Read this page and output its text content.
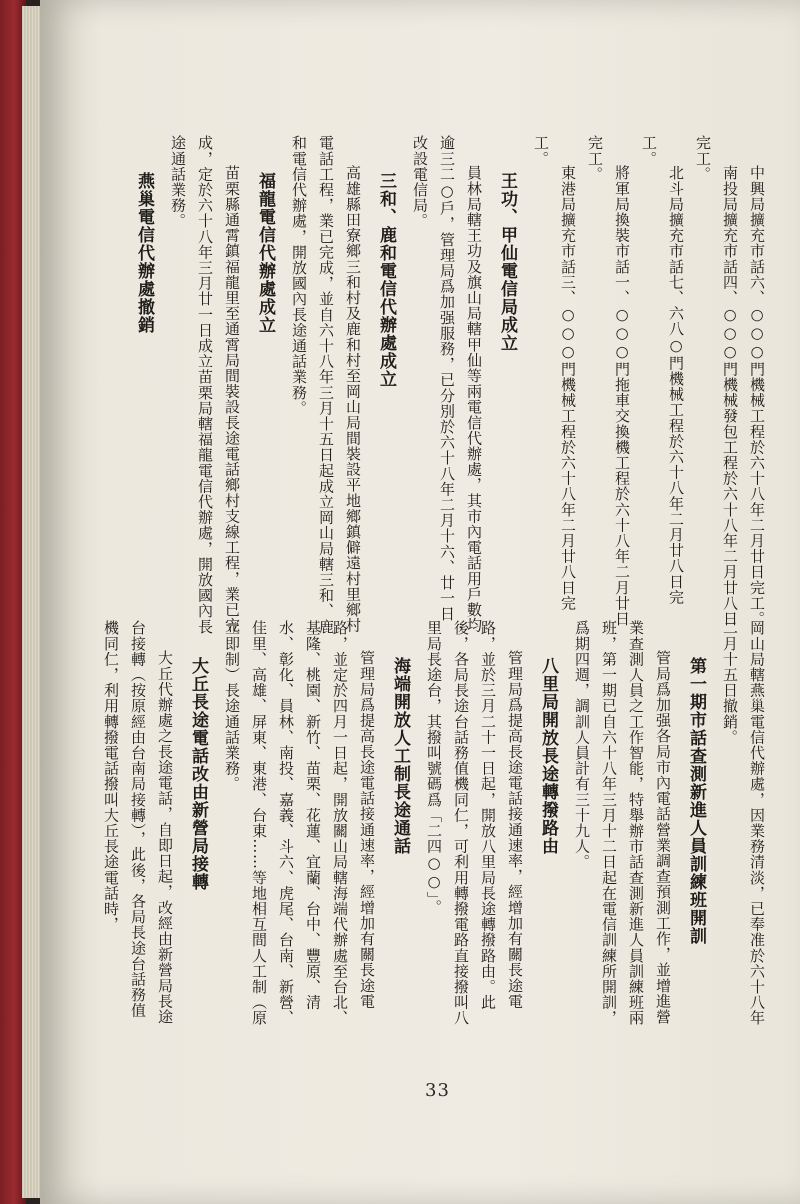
中興局擴充市話六、○○○門機械工程於六十八年二月廿日完工。
南投局擴充市話四、○○○門機械發包工程於六十八年二月廿八日完工。
北斗局擴充市話七、六八○門機械工程於六十八年二月廿八日完工。
將軍局換裝市話一、○○○門拖車交換機工程於六十八年二月廿日完工。
東港局擴充市話三、○○○門機械工程於六十八年二月廿八日完工。
王功、甲仙電信局成立
員林局轄王功及旗山局轄甲仙等兩電信代辦處，其市內電話用戶數均逾三二○戶，管理局爲加强服務，已分別於六十八年二月十六、廿一日改設電信局。
三和、鹿和電信代辦處成立
高雄縣田寮鄉三和村及鹿和村至岡山局間裝設平地鄉鎮僻遠村里鄉村電話工程，業已完成，並自六十八年三月十五日起成立岡山局轄三和、鹿和電信代辦處，開放國內長途通話業務。
福龍電信代辦處成立
苗栗縣通霄鎮福龍里至通霄局間裝設長途電話鄉村支線工程，業已完成，定於六十八年三月廿一日成立苗栗局轄福龍電信代辦處，開放國內長途通話業務。
燕巢電信代辦處撤銷
岡山局轄燕巢電信代辦處，因業務清淡，已奉准於六十八年二月十五日撤銷。
第一期市話查測新進人員訓練班開訓
管局爲加强各局市內電話營業調查預測工作，並增進營業查測人員之工作智能，特舉辦市話查測新進人員訓練班兩班，第一期已自六十八年三月十二日起在電信訓練所開訓，爲期四週，調訓人員計有三十九人。
八里局開放長途轉撥路由
管理局爲提高長途電話接通速率，經增加有關長途電路，並於三月二十一日起，開放八里局長途轉撥路由。此後，各局長途台話務值機同仁，可利用轉撥電路直接撥叫八里局長途台，其撥叫號碼爲「二四○○」。
海端開放人工制長途通話
管理局爲提高長途電話接通速率，經增加有關長途電路，並定於四月一日起，開放關山局轄海端代辦處至台北、基隆、桃園、新竹、苗栗、花蓮、宜蘭、台中、豐原、清水、彰化、員林、南投、嘉義、斗六、虎尾、台南、新營、佳里、高雄、屏東、東港、台東……等地相互間人工制（原立即制）長途通話業務。
大丘長途電話改由新營局接轉
大丘代辦處之長途電話，自即日起，改經由新營局長途台接轉（按原經由台南局接轉），此後，各局長途台話務值機同仁，利用轉撥電話撥叫大丘長途電話時，
33
